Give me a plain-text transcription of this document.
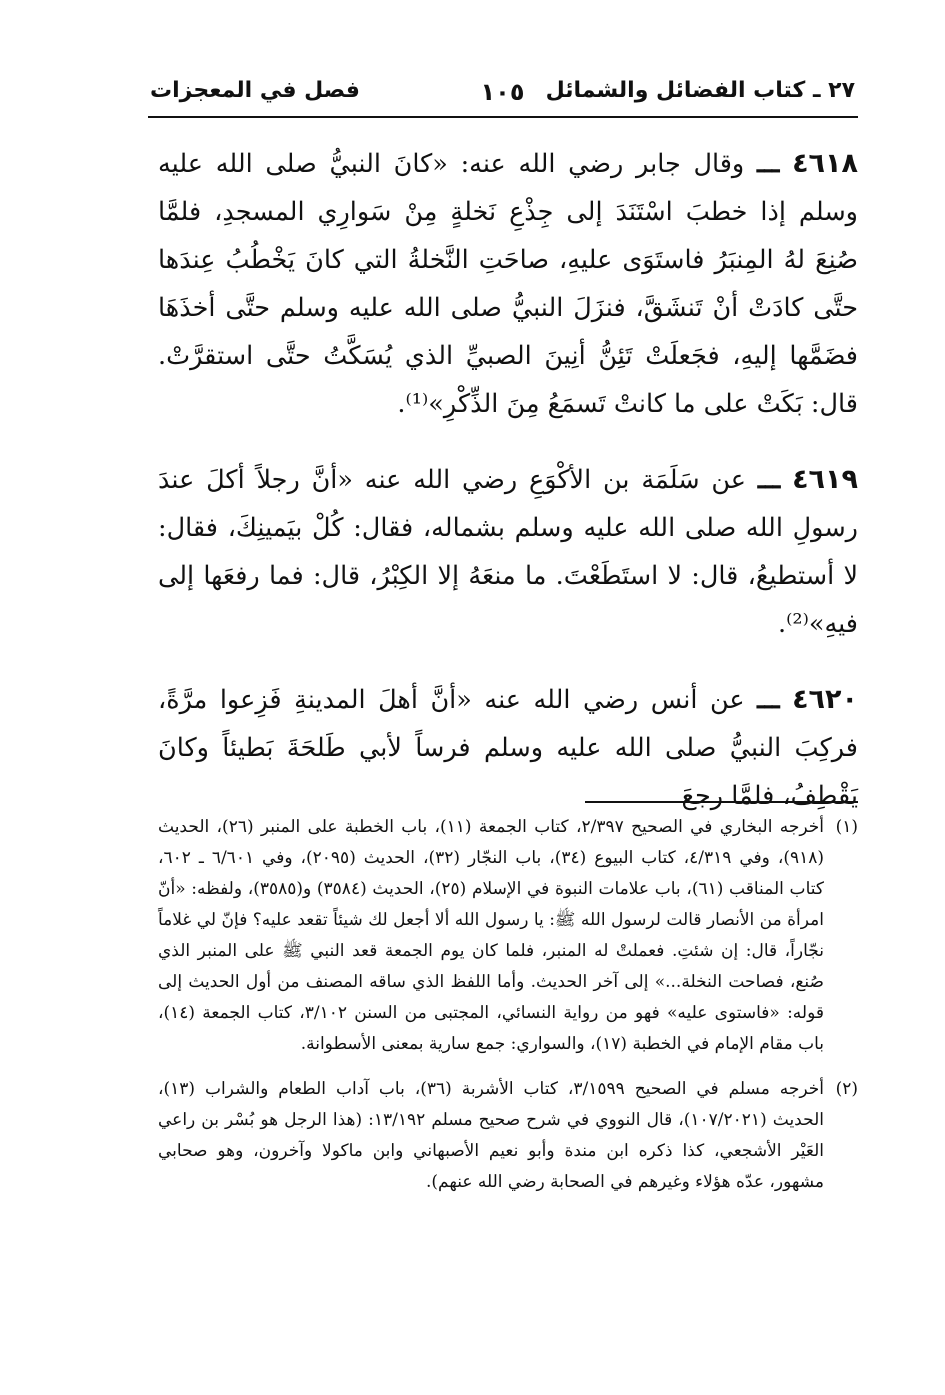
٢٧ ـ كتاب الفضائل والشمائل
١٠٥
فصل في المعجزات

٤٦١٨ ـــ وقال جابر رضي الله عنه: «كانَ النبيُّ صلى الله عليه وسلم إذا خطبَ اسْتَنَدَ إلى جِذْعِ نَخلةٍ مِنْ سَوارِي المسجدِ، فلمَّا صُنِعَ لهُ المِنبَرُ فاستَوَى عليهِ، صاحَتِ النَّخلةُ التي كانَ يَخْطُبُ عِندَها حتَّى كادَتْ أنْ تَنشَقَّ، فنزَلَ النبيُّ صلى الله عليه وسلم حتَّى أخذَهَا فضَمَّها إليهِ، فجَعلَتْ تَئِنُّ أنِينَ الصبيِّ الذي يُسَكَّتُ حتَّى استقرَّتْ. قال: بَكَتْ على ما كانتْ تَسمَعُ مِنَ الذِّكْرِ»⁽¹⁾.

٤٦١٩ ـــ عن سَلَمَة بن الأكْوَعِ رضي الله عنه «أنَّ رجلاً أكلَ عندَ رسولِ الله صلى الله عليه وسلم بشماله، فقال: كُلْ بيَمينِكَ، فقال: لا أستطيعُ، قال: لا استَطَعْتَ. ما منعَهُ إلا الكِبْرُ، قال: فما رفعَها إلى فيهِ»⁽²⁾.

٤٦٢٠ ـــ عن أنس رضي الله عنه «أنَّ أهلَ المدينةِ فَزِعوا مرَّةً، فركِبَ النبيُّ صلى الله عليه وسلم فرساً لأبي طَلحَةَ بَطيئاً وكانَ يَقْطِفُ، فلمَّا رجعَ

(١)
أخرجه البخاري في الصحيح ٢/٣٩٧، كتاب الجمعة (١١)، باب الخطبة على المنبر (٢٦)، الحديث (٩١٨)، وفي ٤/٣١٩، كتاب البيوع (٣٤)، باب النجّار (٣٢)، الحديث (٢٠٩٥)، وفي ٦/٦٠١ ـ ٦٠٢، كتاب المناقب (٦١)، باب علامات النبوة في الإسلام (٢٥)، الحديث (٣٥٨٤) و(٣٥٨٥)، ولفظه: «أنّ امرأة من الأنصار قالت لرسول الله ﷺ: يا رسول الله ألا أجعل لك شيئاً تقعد عليه؟ فإنّ لي غلاماً نجّاراً، قال: إن شئتِ. فعملتْ له المنبر، فلما كان يوم الجمعة قعد النبي ﷺ على المنبر الذي صُنع، فصاحت النخلة...» إلى آخر الحديث. وأما اللفظ الذي ساقه المصنف من أول الحديث إلى قوله: «فاستوى عليه» فهو من رواية النسائي، المجتبى من السنن ٣/١٠٢، كتاب الجمعة (١٤)، باب مقام الإمام في الخطبة (١٧)، والسواري: جمع سارية بمعنى الأسطوانة.
(٢)
أخرجه مسلم في الصحيح ٣/١٥٩٩، كتاب الأشربة (٣٦)، باب آداب الطعام والشراب (١٣)، الحديث (١٠٧/٢٠٢١)، قال النووي في شرح صحيح مسلم ١٣/١٩٢: (هذا الرجل هو بُسْر بن راعي العَيْر الأشجعي، كذا ذكره ابن مندة وأبو نعيم الأصبهاني وابن ماكولا وآخرون، وهو صحابي مشهور، عدّه هؤلاء وغيرهم في الصحابة رضي الله عنهم).
